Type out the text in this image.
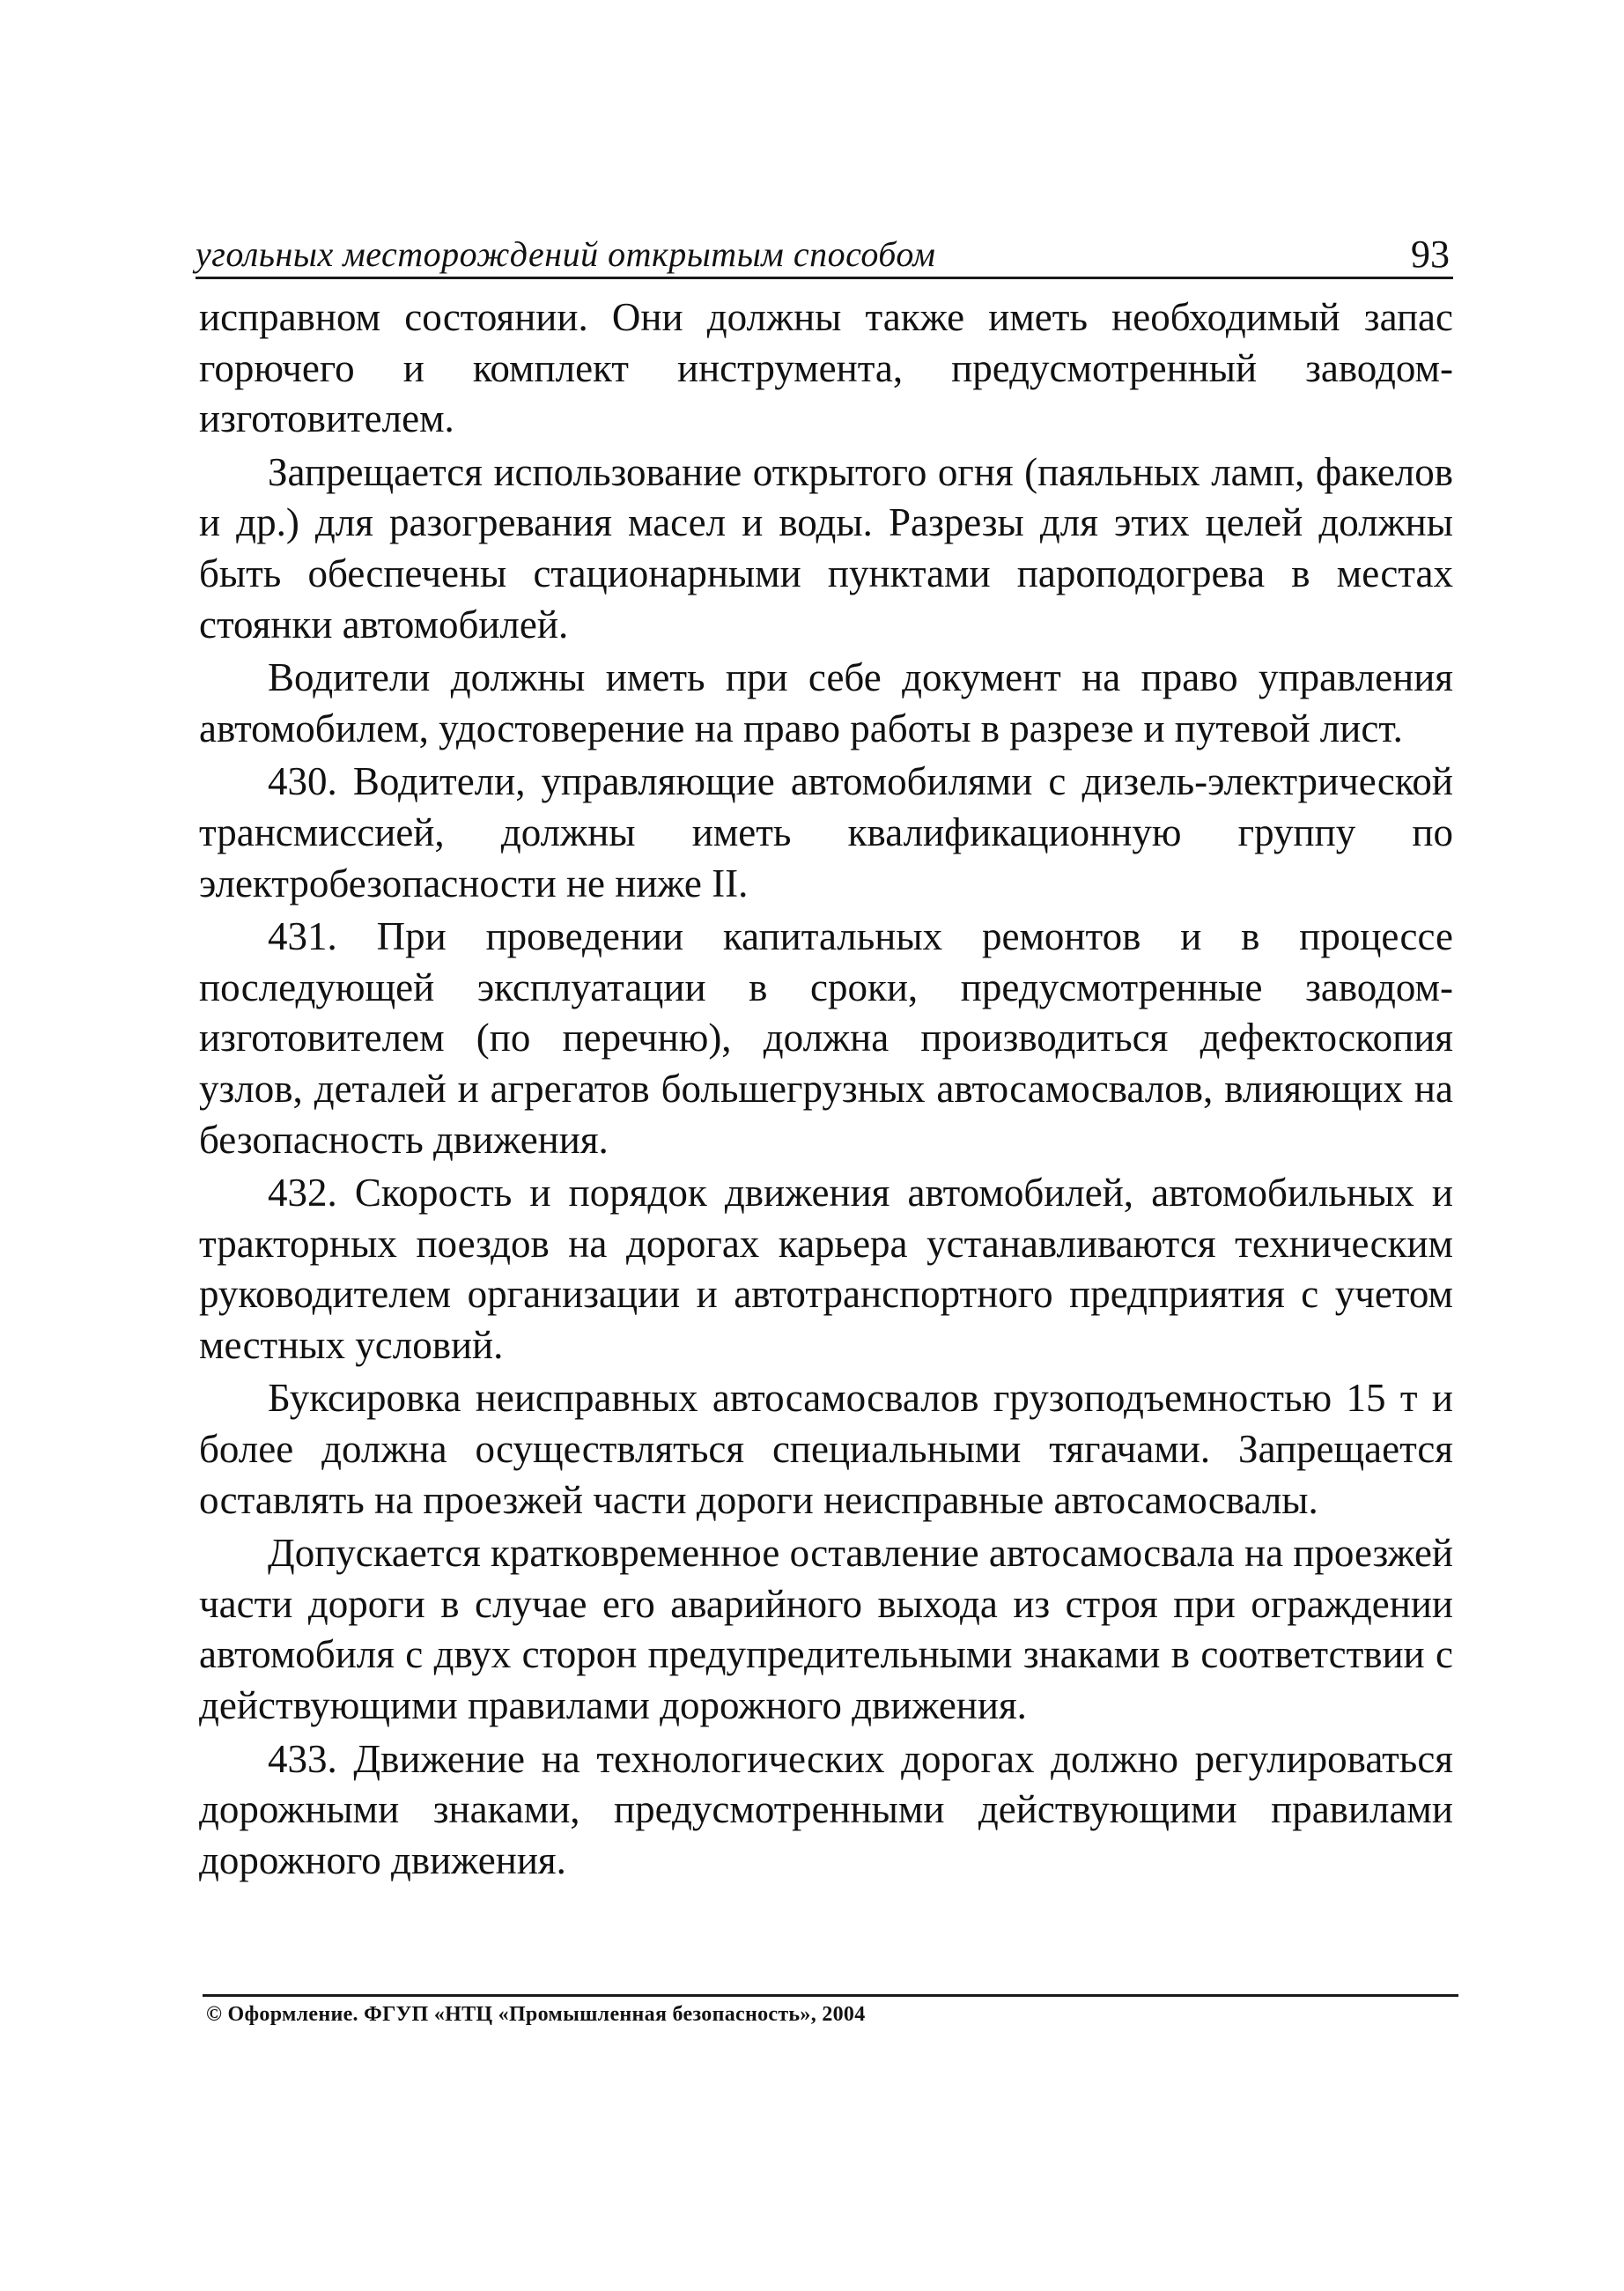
угольных месторождений открытым способом	93

исправном состоянии. Они должны также иметь необходимый запас горючего и комплект инструмента, предусмотренный заводом-изготовителем.

Запрещается использование открытого огня (паяльных ламп, факелов и др.) для разогревания масел и воды. Разрезы для этих целей должны быть обеспечены стационарными пунктами пароподогрева в местах стоянки автомобилей.

Водители должны иметь при себе документ на право управления автомобилем, удостоверение на право работы в разрезе и путевой лист.

430. Водители, управляющие автомобилями с дизель-электрической трансмиссией, должны иметь квалификационную группу по электробезопасности не ниже II.

431. При проведении капитальных ремонтов и в процессе последующей эксплуатации в сроки, предусмотренные заводом-изготовителем (по перечню), должна производиться дефектоскопия узлов, деталей и агрегатов большегрузных автосамосвалов, влияющих на безопасность движения.

432. Скорость и порядок движения автомобилей, автомобильных и тракторных поездов на дорогах карьера устанавливаются техническим руководителем организации и автотранспортного предприятия с учетом местных условий.

Буксировка неисправных автосамосвалов грузоподъемностью 15 т и более должна осуществляться специальными тягачами. Запрещается оставлять на проезжей части дороги неисправные автосамосвалы.

Допускается кратковременное оставление автосамосвала на проезжей части дороги в случае его аварийного выхода из строя при ограждении автомобиля с двух сторон предупредительными знаками в соответствии с действующими правилами дорожного движения.

433. Движение на технологических дорогах должно регулироваться дорожными знаками, предусмотренными действующими правилами дорожного движения.

© Оформление. ФГУП «НТЦ «Промышленная безопасность», 2004
